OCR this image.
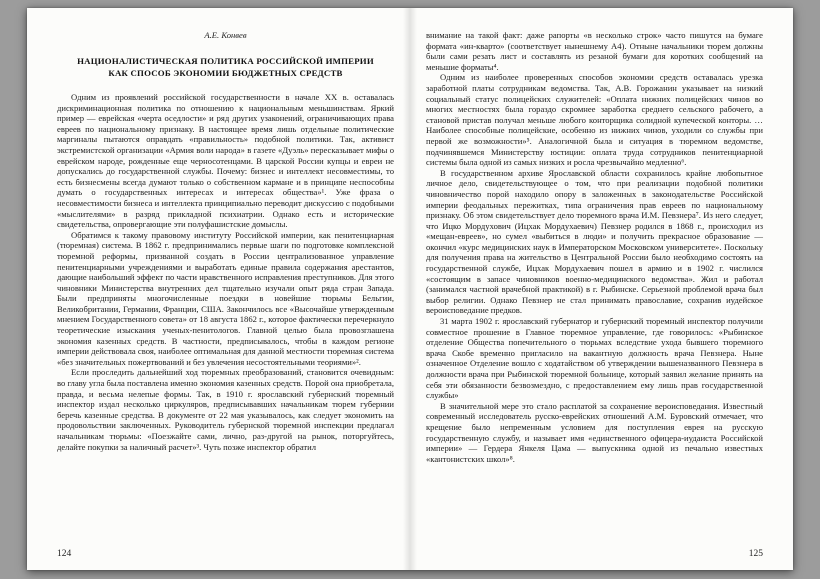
А.Е. Конвев
НАЦИОНАЛИСТИЧЕСКАЯ ПОЛИТИКА РОССИЙСКОЙ ИМПЕРИИ
КАК СПОСОБ ЭКОНОМИИ БЮДЖЕТНЫХ СРЕДСТВ

Одним из проявлений российской государственности в начале XX в. оставалась дискриминационная политика по отношению к национальным меньшинствам. Яркий пример — еврейская «черта оседлости» и ряд других узаконений, ограничивающих права евреев по национальному признаку. В настоящее время лишь отдельные политические маргиналы пытаются оправдать «правильность» подобной политики. Так, активист экстремистской организации «Армия воли народа» в газете «Дуэль» пересказывает мифы о еврейском народе, рожденные еще черносотенцами. В царской России купцы и евреи не допускались до государственной службы. Почему: бизнес и интеллект несовместимы, то есть бизнесмены всегда думают только о собственном кармане и в принципе неспособны думать о государственных интересах и интересах общества»¹. Уже фраза о несовместимости бизнеса и интеллекта принципиально переводит дискуссию с подобными «мыслителями» в разряд прикладной психиатрии. Однако есть и исторические свидетельства, опровергающие эти полуфашистские домыслы.

Обратимся к такому правовому институту Российской империи, как пенитенциарная (тюремная) система. В 1862 г. предпринимались первые шаги по подготовке комплексной тюремной реформы, призванной создать в России централизованное управление пенитенциарными учреждениями и выработать единые правила содержания арестантов, дающие наибольший эффект по части нравственного исправления преступников. Для этого чиновники Министерства внутренних дел тщательно изучали опыт ряда стран Запада. Были предприняты многочисленные поездки в новейшие тюрьмы Бельгии, Великобритании, Германии, Франции, США. Закончилось все «Высочайше утвержденным мнением Государственного совета» от 18 августа 1862 г., которое фактически перечеркнуло теоретические изыскания ученых-пенитологов. Главной целью была провозглашена экономия казенных средств. В частности, предписывалось, чтобы в каждом регионе империи действовала своя, наиболее оптимальная для данной местности тюремная система «без значительных пожертвований и без увлечения несостоятельными теориями»².

Если проследить дальнейший ход тюремных преобразований, становится очевидным: во главу угла была поставлена именно экономия казенных средств. Порой она приобретала, правда, и весьма нелепые формы. Так, в 1910 г. ярославский губернский тюремный инспектор издал несколько циркуляров, предписывавших начальникам тюрем губернии беречь казенные средства. В документе от 22 мая указывалось, как следует экономить на продовольствии заключенных. Руководитель губернской тюремной инспекции предлагал начальникам тюрьмы: «Поезжайте сами, лично, раз-другой на рынок, поторгуйтесь, делайте покупки за наличный расчет»³. Чуть позже инспектор обратил

124

внимание на такой факт: даже рапорты «в несколько строк» часто пишутся на бумаге формата «ин-кварто» (соответствует нынешнему А4). Отныне начальники тюрем должны были сами резать лист и составлять из резаной бумаги для коротких сообщений на меньшие форматы⁴.

Одним из наиболее проверенных способов экономии средств оставалась урезка заработной платы сотрудникам ведомства. Так, А.В. Горожанин указывает на низкий социальный статус полицейских служителей: «Оплата нижних полицейских чинов во многих местностях была гораздо скромнее заработка среднего сельского рабочего, а становой пристав получал меньше любого конторщика солидной купеческой конторы. …Наиболее способные полицейские, особенно из нижних чинов, уходили со службы при первой же возможности»⁵. Аналогичной была и ситуация в тюремном ведомстве, подчинявшемся Министерству юстиции: оплата труда сотрудников пенитенциарной системы была одной из самых низких и росла чрезвычайно медленно⁶.

В государственном архиве Ярославской области сохранилось крайне любопытное личное дело, свидетельствующее о том, что при реализации подобной политики чиновничество порой находило опору в заложенных в законодательстве Российской империи феодальных пережитках, типа ограничения прав евреев по национальному признаку. Об этом свидетельствует дело тюремного врача И.М. Певзнера⁷. Из него следует, что Ицко Мордухович (Ицхак Мордухаевич) Певзнер родился в 1868 г., происходил из «мещан-евреев», но сумел «выбиться в люди» и получить прекрасное образование — окончил «курс медицинских наук в Императорском Московском университете». Поскольку для получения права на жительство в Центральной России было необходимо состоять на государственной службе, Ицхак Мордухаевич пошел в армию и в 1902 г. числился «состоящим в запасе чиновников военно-медицинского ведомства». Жил и работал (занимался частной врачебной практикой) в г. Рыбинске. Серьезной проблемой врача был выбор религии. Однако Певзнер не стал принимать православие, сохранив иудейское вероисповедание предков.

31 марта 1902 г. ярославский губернатор и губернский тюремный инспектор получили совместное прошение в Главное тюремное управление, где говорилось: «Рыбинское отделение Общества попечительного о тюрьмах вследствие ухода бывшего тюремного врача Скобе временно пригласило на вакантную должность врача Певзнера. Ныне означенное Отделение вошло с ходатайством об утверждении вышеназванного Певзнера в должности врача при Рыбинской тюремной больнице, который заявил желание принять на себя эти обязанности безвозмездно, с предоставлением ему лишь прав государственной службы»

В значительной мере это стало расплатой за сохранение вероисповедания. Известный современный исследователь русско-еврейских отношений А.М. Буровский отмечает, что крещение было непременным условием для поступления еврея на русскую государственную службу, и называет имя «единственного офицера-иудаиста Российской империи» — Гердера Янкеля Цама — выпускника одной из печально известных «кантонистских школ»⁸.

125
